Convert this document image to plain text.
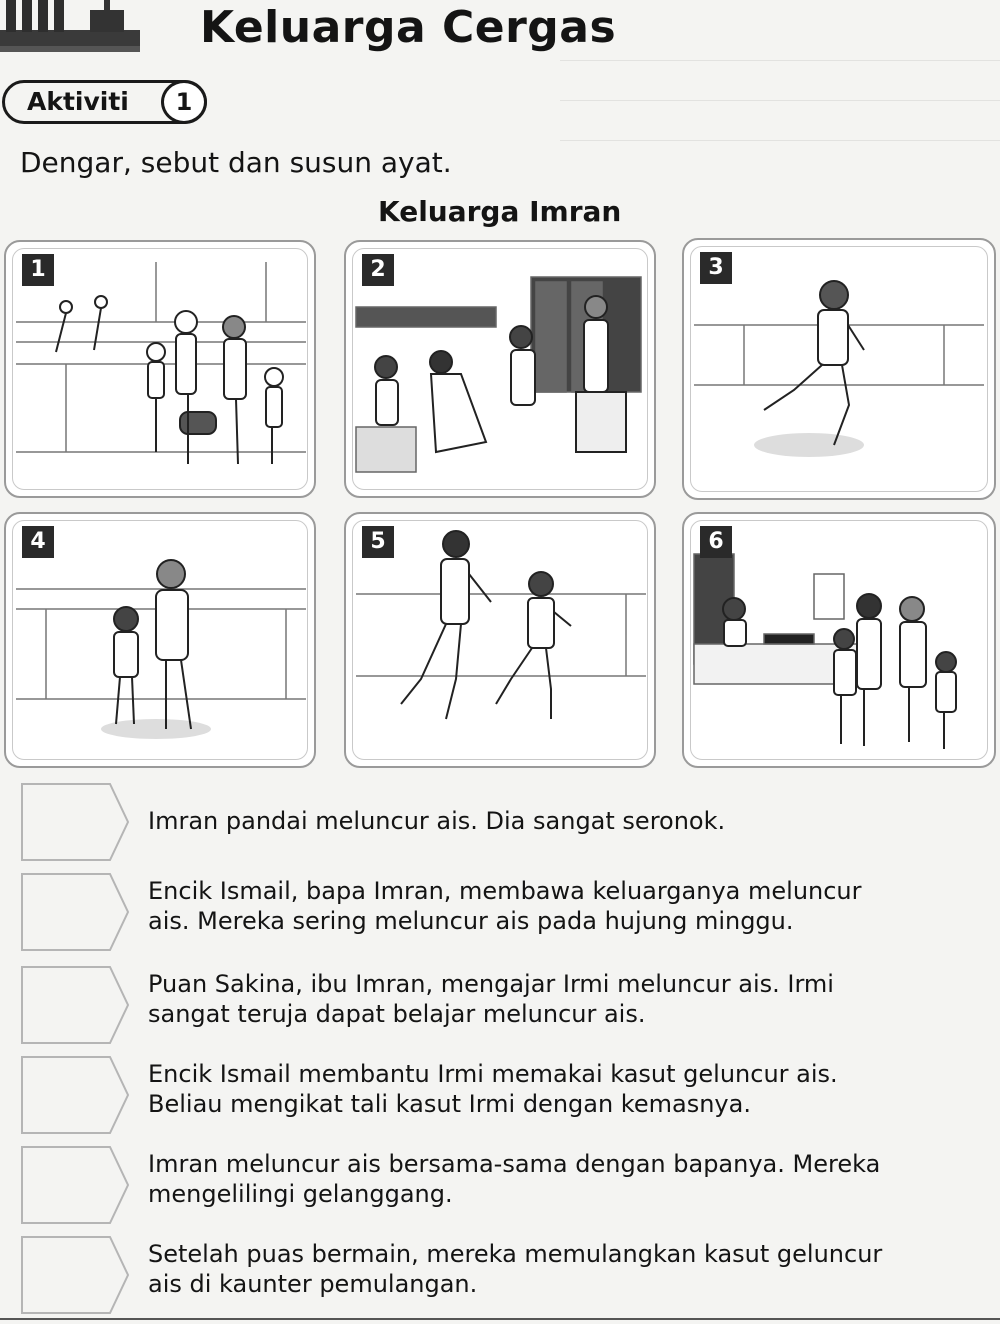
Keluarga Cergas
Aktiviti	1
Dengar, sebut dan susun ayat.
Keluarga Imran
1	2	3
4	5	6
Imran pandai meluncur ais. Dia sangat seronok.
Encik Ismail, bapa Imran, membawa keluarganya meluncur
ais. Mereka sering meluncur ais pada hujung minggu.
Puan Sakina, ibu Imran, mengajar Irmi meluncur ais. Irmi
sangat teruja dapat belajar meluncur ais.
Encik Ismail membantu Irmi memakai kasut geluncur ais.
Beliau mengikat tali kasut Irmi dengan kemasnya.
Imran meluncur ais bersama-sama dengan bapanya. Mereka
mengelilingi gelanggang.
Setelah puas bermain, mereka memulangkan kasut geluncur
ais di kaunter pemulangan.
